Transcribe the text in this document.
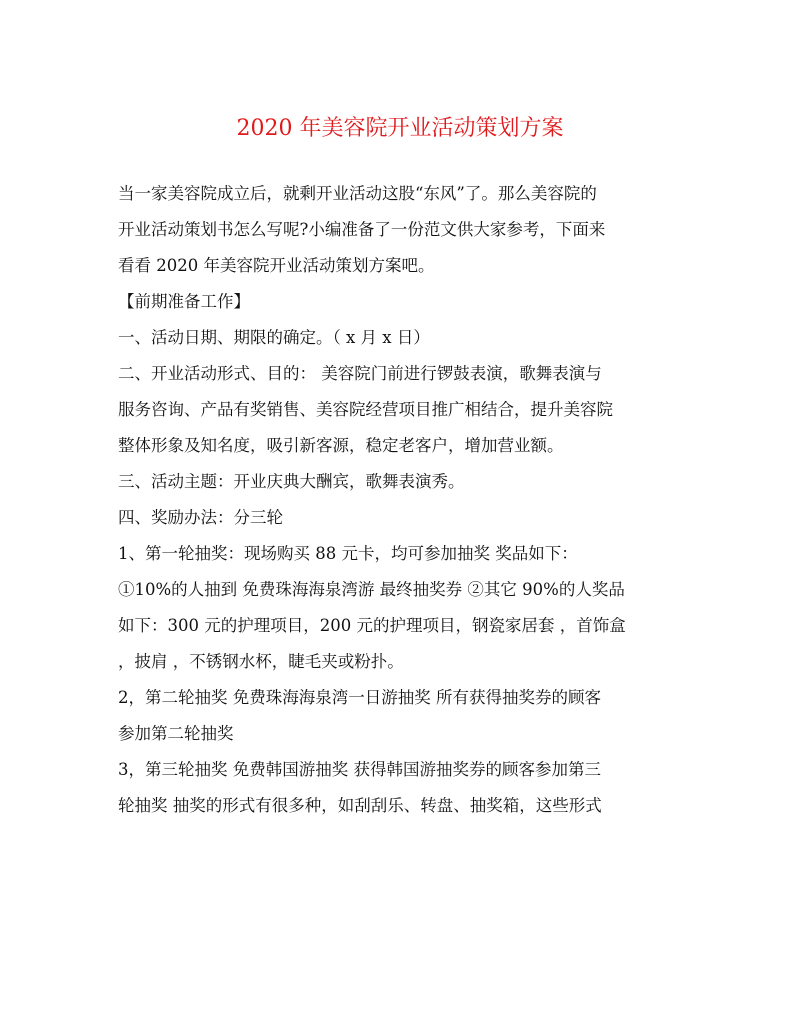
2020 年美容院开业活动策划方案
当一家美容院成立后，就剩开业活动这股“东风”了。那么美容院的
开业活动策划书怎么写呢?小编准备了一份范文供大家参考，下面来
看看 2020 年美容院开业活动策划方案吧。
【前期准备工作】
一、活动日期、期限的确定。（ x 月 x 日）
二、开业活动形式、目的： 美容院门前进行锣鼓表演，歌舞表演与
服务咨询、产品有奖销售、美容院经营项目推广相结合，提升美容院
整体形象及知名度，吸引新客源，稳定老客户，增加营业额。
三、活动主题：开业庆典大酬宾，歌舞表演秀。
四、奖励办法：分三轮
1、第一轮抽奖：现场购买 88 元卡，均可参加抽奖 奖品如下：
①10%的人抽到 免费珠海海泉湾游 最终抽奖券 ②其它 90%的人奖品
如下：300 元的护理项目，200 元的护理项目，钢瓷家居套 ，首饰盒
，披肩 ，不锈钢水杯，睫毛夹或粉扑。
2，第二轮抽奖 免费珠海海泉湾一日游抽奖 所有获得抽奖券的顾客
参加第二轮抽奖
3，第三轮抽奖 免费韩国游抽奖 获得韩国游抽奖券的顾客参加第三
轮抽奖 抽奖的形式有很多种，如刮刮乐、转盘、抽奖箱，这些形式
